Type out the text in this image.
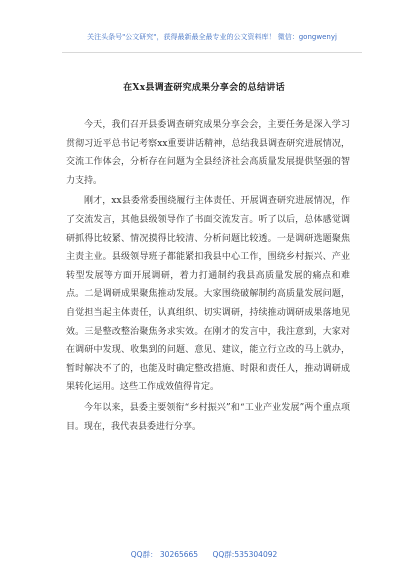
关注头条号"公文研究"，获得最新最全最专业的公文资料库！ 微信：gongwenyj

在Xx县调查研究成果分享会的总结讲话

今天，我们召开县委调查研究成果分享会会，主要任务是深入学习贯彻习近平总书记考察xx重要讲话精神，总结我县调查研究进展情况，交流工作体会，分析存在问题为全县经济社会高质量发展提供坚强的智力支持。

刚才，xx县委常委围绕履行主体责任、开展调查研究进展情况，作了交流发言，其他县级领导作了书面交流发言。听了以后，总体感觉调研抓得比较紧、情况摸得比较清、分析问题比较透。一是调研选题聚焦主责主业。县级领导班子都能紧扣我县中心工作，围绕乡村振兴、产业转型发展等方面开展调研，着力打通制约我县高质量发展的痛点和难点。二是调研成果聚焦推动发展。大家围绕破解制约高质量发展问题，自觉担当起主体责任，认真组织、切实调研，持续推动调研成果落地见效。三是整改整治聚焦务求实效。在刚才的发言中，我注意到，大家对在调研中发现、收集到的问题、意见、建议，能立行立改的马上就办，暂时解决不了的，也能及时确定整改措施、时限和责任人，推动调研成果转化运用。这些工作成效值得肯定。

今年以来，县委主要领衔“乡村振兴”和“工业产业发展”两个重点项目。现在，我代表县委进行分享。

QQ群： 30265665 QQ群:535304092
